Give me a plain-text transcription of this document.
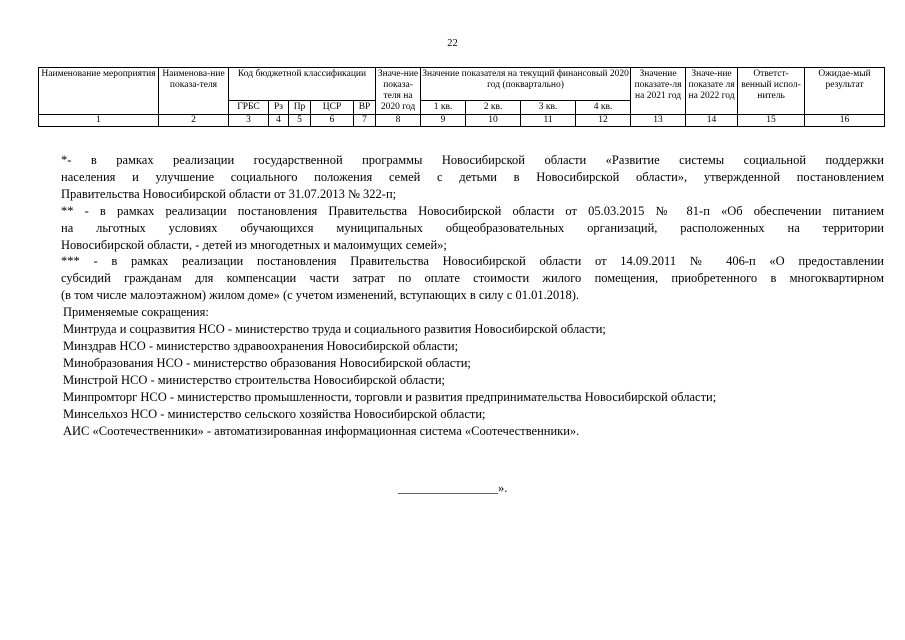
22
Наименование мероприятия	Наименова-ние показа-теля	Код бюджетной классификации					Значе-ние показа-теля на 2020 год	Значение показателя на текущий финансовый 2020 год (поквартально)				Значение показате-ля на 2021 год	Значе-ние показате ля на 2022 год	Ответст-венный испол-нитель	Ожидае-мый результат
		ГРБС	Рз	Пр	ЦСР	ВР		1 кв.	2 кв.	3 кв.	4 кв.				
1	2	3	4	5	6	7	8	9	10	11	12	13	14	15	16

*- в рамках реализации государственной программы Новосибирской области «Развитие системы социальной поддержки
населения и улучшение социального положения семей с детьми в Новосибирской области», утвержденной постановлением
Правительства Новосибирской области от 31.07.2013 № 322-п;

** - в рамках реализации постановления Правительства Новосибирской области от 05.03.2015 № 81-п «Об обеспечении питанием
на льготных условиях обучающихся муниципальных общеобразовательных организаций, расположенных на территории
Новосибирской области, - детей из многодетных и малоимущих семей»;

*** - в рамках реализации постановления Правительства Новосибирской области от 14.09.2011 № 406-п «О предоставлении
субсидий гражданам для компенсации части затрат по оплате стоимости жилого помещения, приобретенного в многоквартирном
(в том числе малоэтажном) жилом доме» (с учетом изменений, вступающих в силу с 01.01.2018).

Применяемые сокращения:

Минтруда и соцразвития НСО - министерство труда и социального развития Новосибирской области;

Минздрав НСО - министерство здравоохранения Новосибирской области;

Минобразования НСО - министерство образования Новосибирской области;

Минстрой НСО - министерство строительства Новосибирской области;

Минпромторг НСО - министерство промышленности, торговли и развития предпринимательства Новосибирской области;

Минсельхоз НСО - министерство сельского хозяйства Новосибирской области;

АИС «Соотечественники» - автоматизированная информационная система «Соотечественники».

________________».
